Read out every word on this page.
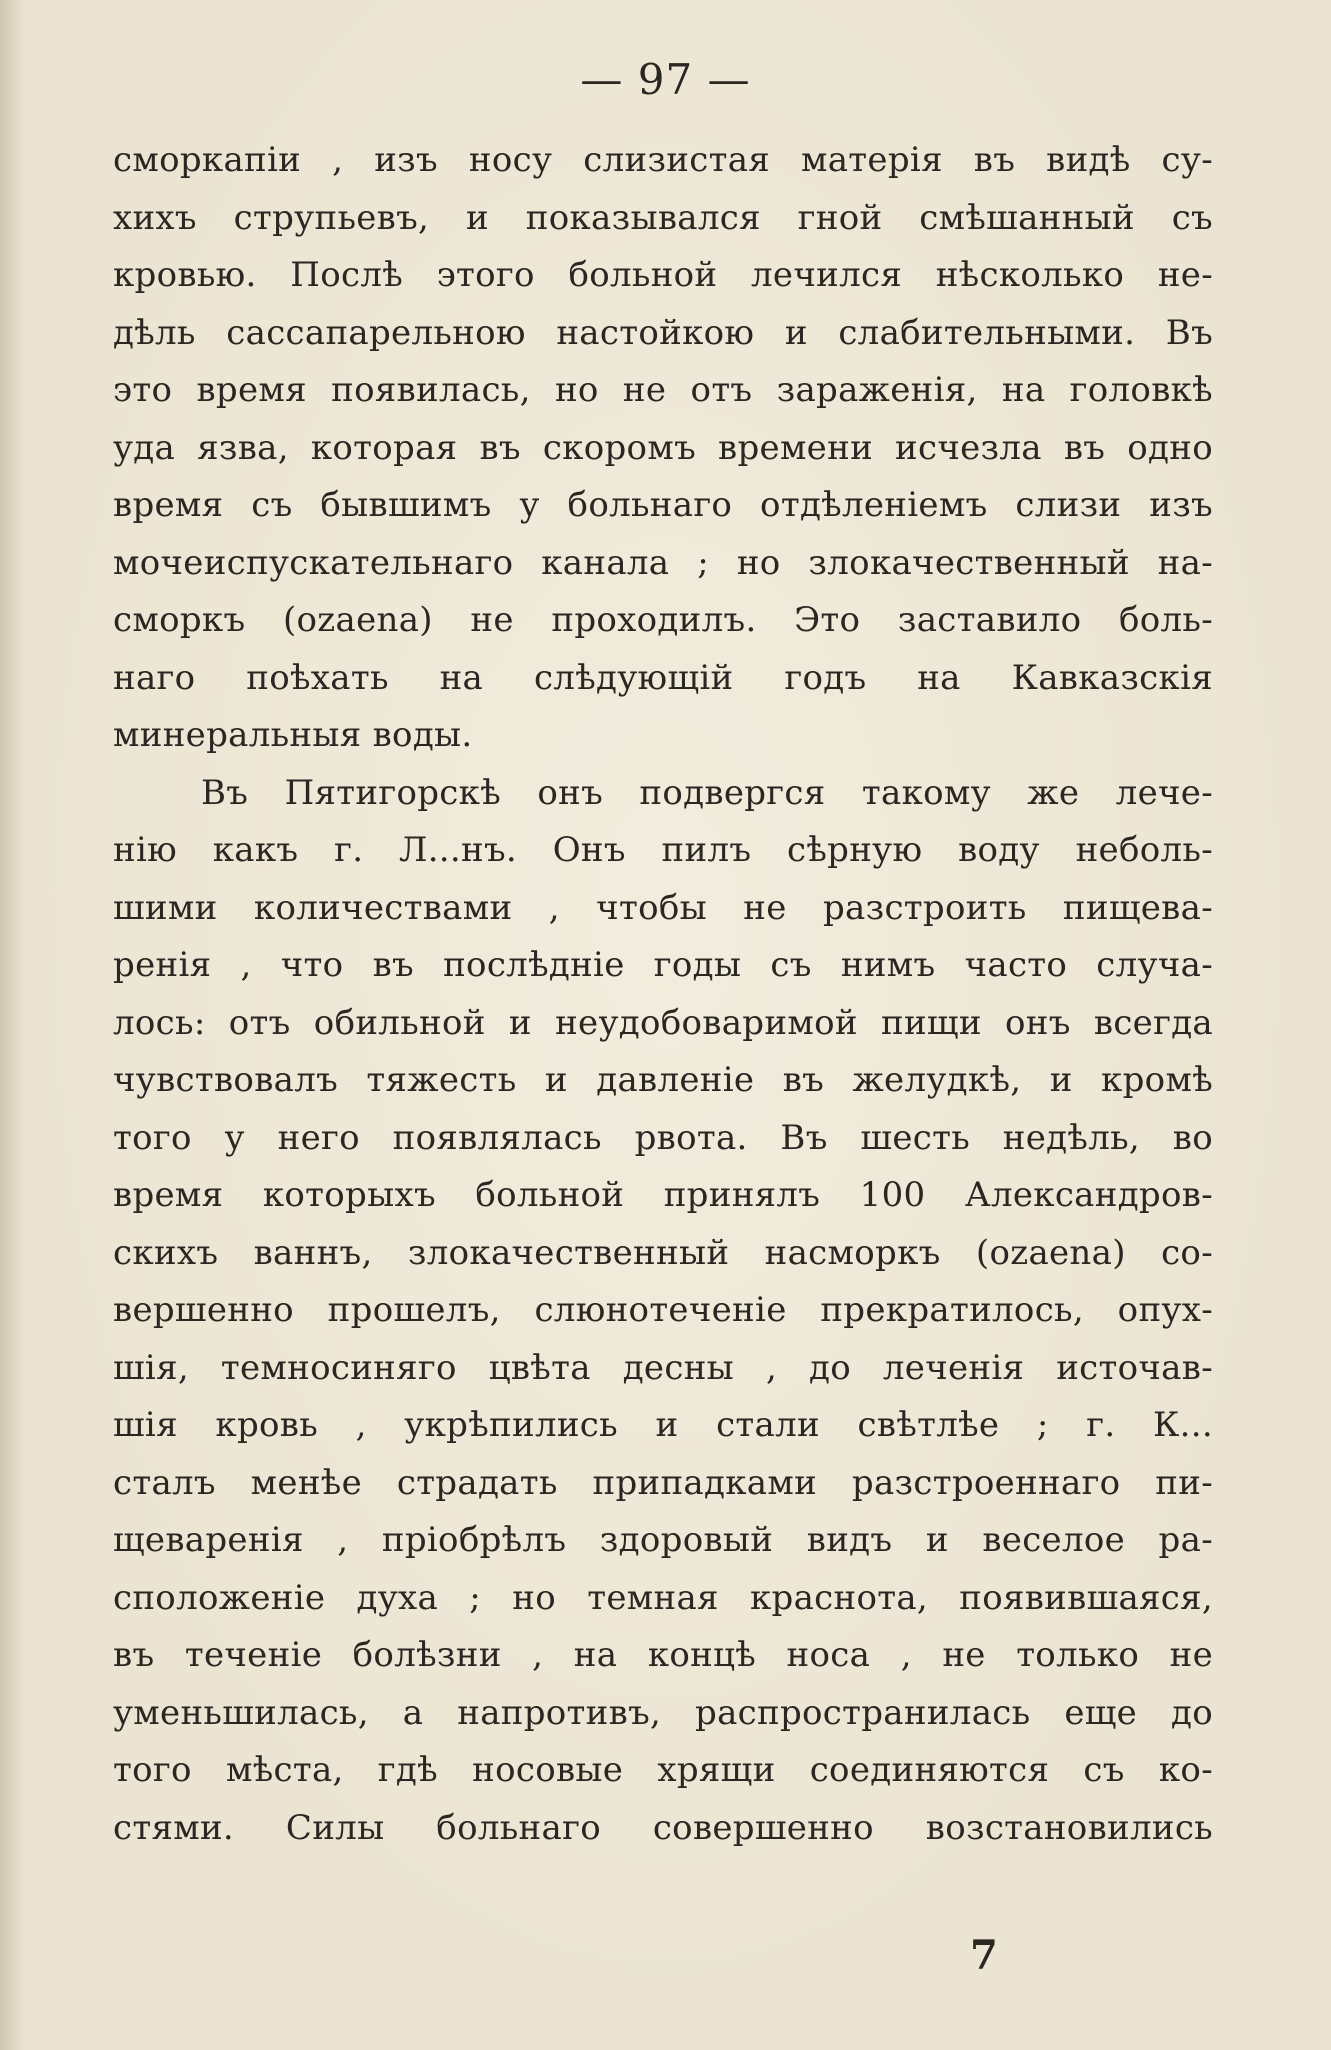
— 97 —
сморкапіи , изъ носу слизистая матерія въ видѣ су-
хихъ струпьевъ, и показывался гной смѣшанный съ
кровью. Послѣ этого больной лечился нѣсколько не-
дѣль сассапарельною настойкою и слабительными. Въ
это время появилась, но не отъ зараженія, на головкѣ
уда язва, которая въ скоромъ времени исчезла въ одно
время съ бывшимъ у больнаго отдѣленіемъ слизи изъ
мочеиспускательнаго канала ; но злокачественный на-
сморкъ (ozaena) не проходилъ. Это заставило боль-
наго поѣхать на слѣдующій годъ на Кавказскія
минеральныя воды.
Въ Пятигорскѣ онъ подвергся такому же лече-
нію какъ г. Л...нъ. Онъ пилъ сѣрную воду неболь-
шими количествами , чтобы не разстроить пищева-
ренія , что въ послѣдніе годы съ нимъ часто случа-
лось: отъ обильной и неудобоваримой пищи онъ всегда
чувствовалъ тяжесть и давленіе въ желудкѣ, и кромѣ
того у него появлялась рвота. Въ шесть недѣль, во
время которыхъ больной принялъ 100 Александров-
скихъ ваннъ, злокачественный насморкъ (ozaena) со-
вершенно прошелъ, слюнотеченіе прекратилось, опух-
шія, темносиняго цвѣта десны , до леченія источав-
шія кровь , укрѣпились и стали свѣтлѣе ; г. К...
сталъ менѣе страдать припадками разстроеннаго пи-
щеваренія , пріобрѣлъ здоровый видъ и веселое ра-
сположеніе духа ; но темная краснота, появившаяся,
въ теченіе болѣзни , на концѣ носа , не только не
уменьшилась, а напротивъ, распространилась еще до
того мѣста, гдѣ носовые хрящи соединяются съ ко-
стями. Силы больнаго совершенно возстановились
7
